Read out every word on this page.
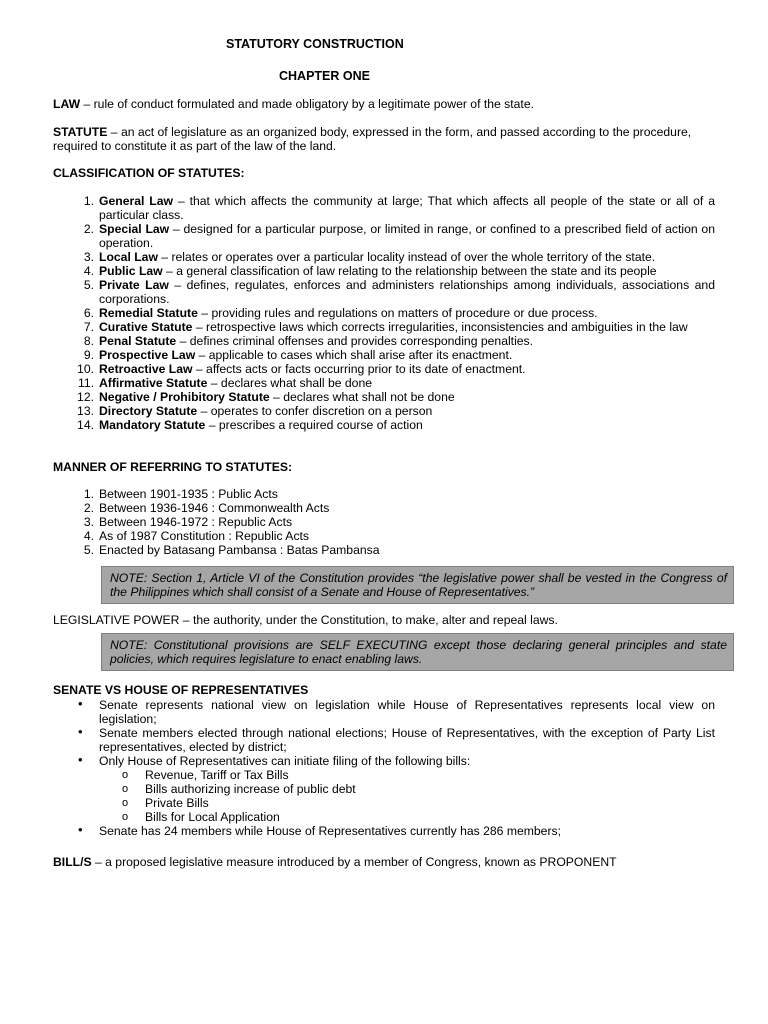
STATUTORY CONSTRUCTION
CHAPTER ONE
LAW – rule of conduct formulated and made obligatory by a legitimate power of the state.
STATUTE – an act of legislature as an organized body, expressed in the form, and passed according to the procedure, required to constitute it as part of the law of the land.
CLASSIFICATION OF STATUTES:
1. General Law – that which affects the community at large; That which affects all people of the state or all of a particular class.
2. Special Law – designed for a particular purpose, or limited in range, or confined to a prescribed field of action on operation.
3. Local Law – relates or operates over a particular locality instead of over the whole territory of the state.
4. Public Law – a general classification of law relating to the relationship between the state and its people
5. Private Law – defines, regulates, enforces and administers relationships among individuals, associations and corporations.
6. Remedial Statute – providing rules and regulations on matters of procedure or due process.
7. Curative Statute – retrospective laws which corrects irregularities, inconsistencies and ambiguities in the law
8. Penal Statute – defines criminal offenses and provides corresponding penalties.
9. Prospective Law – applicable to cases which shall arise after its enactment.
10. Retroactive Law – affects acts or facts occurring prior to its date of enactment.
11. Affirmative Statute – declares what shall be done
12. Negative / Prohibitory Statute – declares what shall not be done
13. Directory Statute – operates to confer discretion on a person
14. Mandatory Statute – prescribes a required course of action
MANNER OF REFERRING TO STATUTES:
1. Between 1901-1935 : Public Acts
2. Between 1936-1946 : Commonwealth Acts
3. Between 1946-1972 : Republic Acts
4. As of 1987 Constitution : Republic Acts
5. Enacted by Batasang Pambansa : Batas Pambansa
NOTE: Section 1, Article VI of the Constitution provides “the legislative power shall be vested in the Congress of the Philippines which shall consist of a Senate and House of Representatives.”
LEGISLATIVE POWER – the authority, under the Constitution, to make, alter and repeal laws.
NOTE: Constitutional provisions are SELF EXECUTING except those declaring general principles and state policies, which requires legislature to enact enabling laws.
SENATE VS HOUSE OF REPRESENTATIVES
• Senate represents national view on legislation while House of Representatives represents local view on legislation;
• Senate members elected through national elections; House of Representatives, with the exception of Party List representatives, elected by district;
• Only House of Representatives can initiate filing of the following bills:
o Revenue, Tariff or Tax Bills
o Bills authorizing increase of public debt
o Private Bills
o Bills for Local Application
• Senate has 24 members while House of Representatives currently has 286 members;
BILL/S – a proposed legislative measure introduced by a member of Congress, known as PROPONENT
